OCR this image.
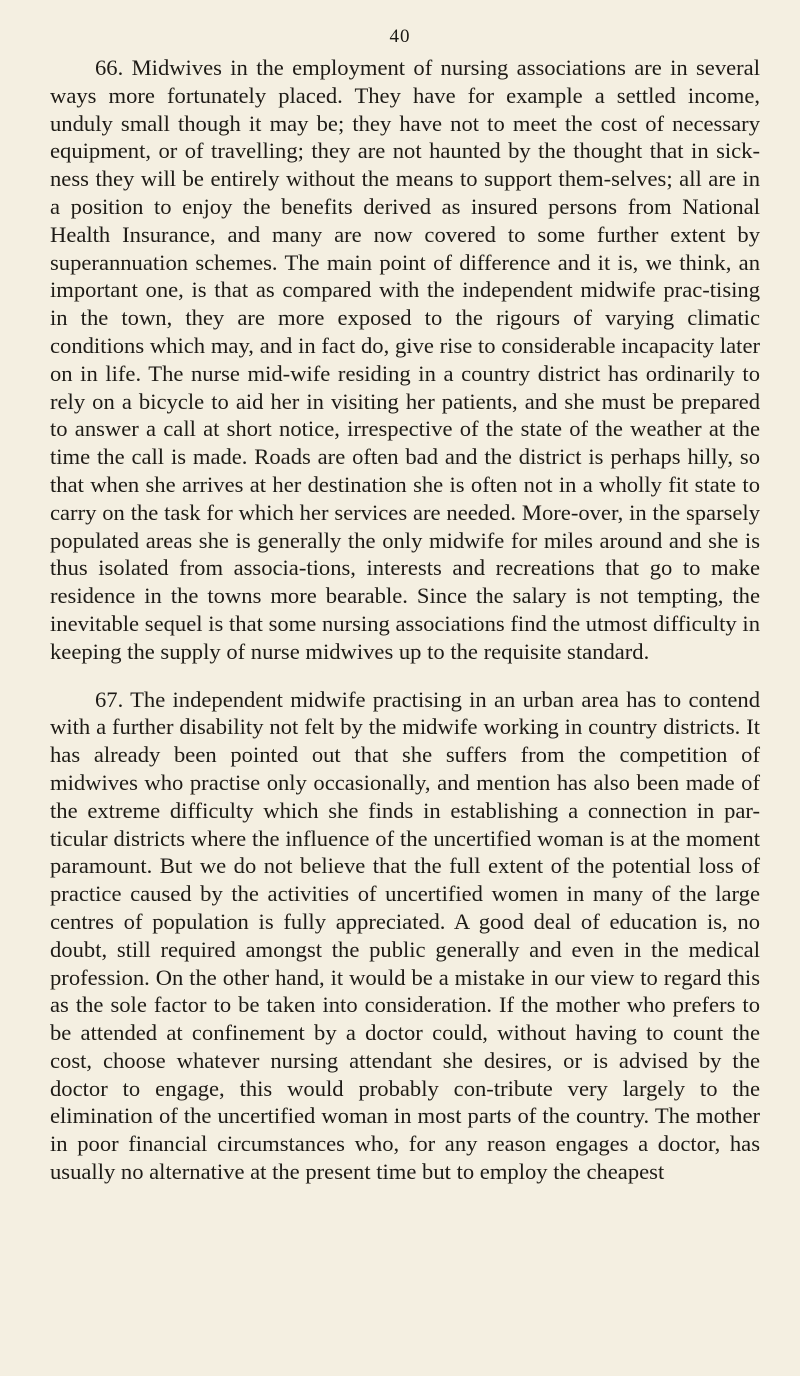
40

66. Midwives in the employment of nursing associations are in several ways more fortunately placed. They have for example a settled income, unduly small though it may be; they have not to meet the cost of necessary equipment, or of travelling; they are not haunted by the thought that in sick-ness they will be entirely without the means to support them-selves; all are in a position to enjoy the benefits derived as insured persons from National Health Insurance, and many are now covered to some further extent by superannuation schemes. The main point of difference and it is, we think, an important one, is that as compared with the independent midwife prac-tising in the town, they are more exposed to the rigours of varying climatic conditions which may, and in fact do, give rise to considerable incapacity later on in life. The nurse mid-wife residing in a country district has ordinarily to rely on a bicycle to aid her in visiting her patients, and she must be prepared to answer a call at short notice, irrespective of the state of the weather at the time the call is made. Roads are often bad and the district is perhaps hilly, so that when she arrives at her destination she is often not in a wholly fit state to carry on the task for which her services are needed. More-over, in the sparsely populated areas she is generally the only midwife for miles around and she is thus isolated from associa-tions, interests and recreations that go to make residence in the towns more bearable. Since the salary is not tempting, the inevitable sequel is that some nursing associations find the utmost difficulty in keeping the supply of nurse midwives up to the requisite standard.

67. The independent midwife practising in an urban area has to contend with a further disability not felt by the midwife working in country districts. It has already been pointed out that she suffers from the competition of midwives who practise only occasionally, and mention has also been made of the extreme difficulty which she finds in establishing a connection in par-ticular districts where the influence of the uncertified woman is at the moment paramount. But we do not believe that the full extent of the potential loss of practice caused by the activities of uncertified women in many of the large centres of population is fully appreciated. A good deal of education is, no doubt, still required amongst the public generally and even in the medical profession. On the other hand, it would be a mistake in our view to regard this as the sole factor to be taken into consideration. If the mother who prefers to be attended at confinement by a doctor could, without having to count the cost, choose whatever nursing attendant she desires, or is advised by the doctor to engage, this would probably con-tribute very largely to the elimination of the uncertified woman in most parts of the country. The mother in poor financial circumstances who, for any reason engages a doctor, has usually no alternative at the present time but to employ the cheapest
